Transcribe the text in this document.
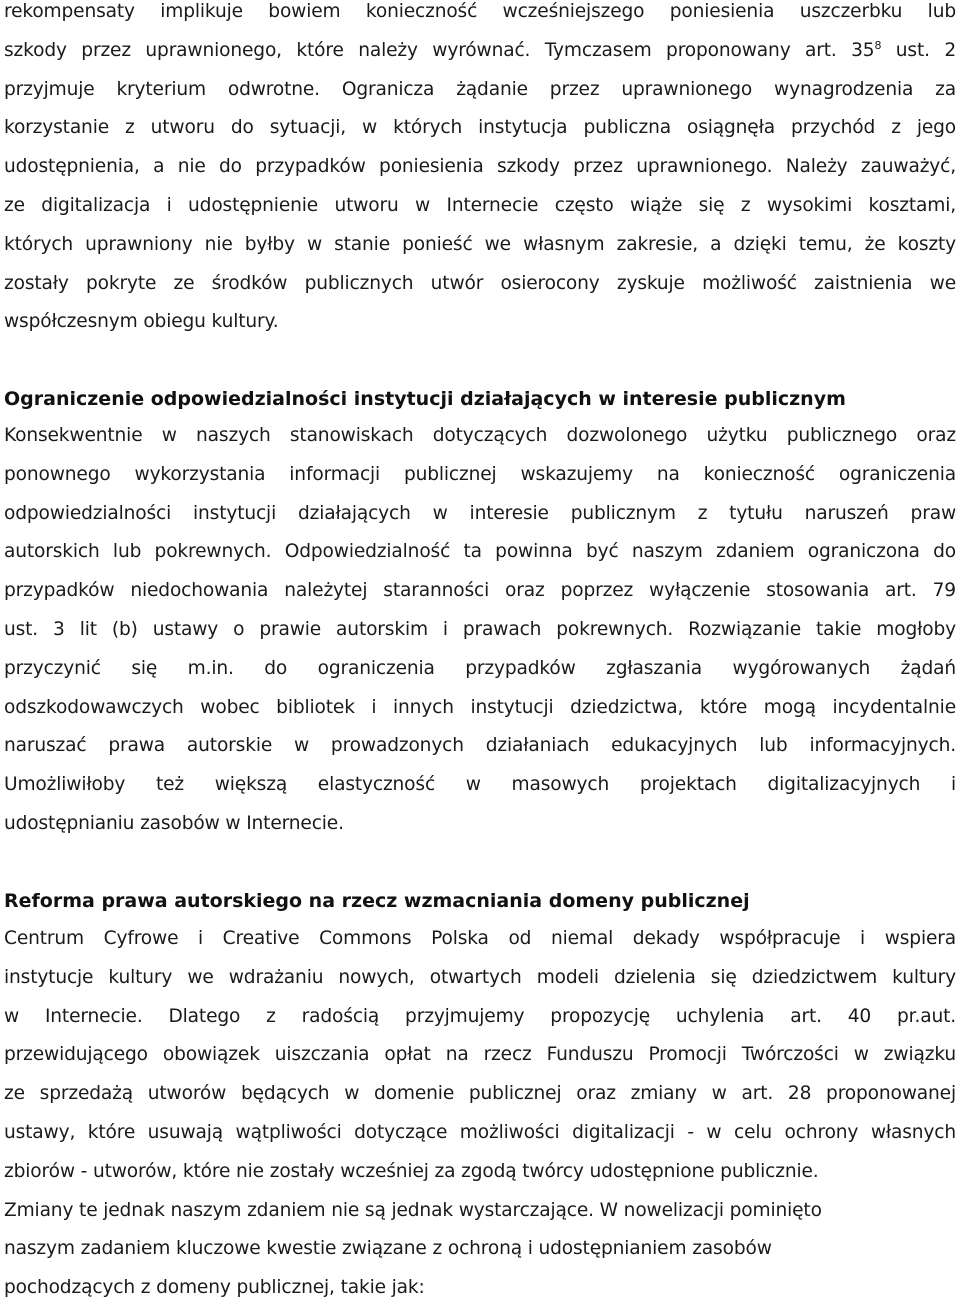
rekompensaty implikuje bowiem konieczność wcześniejszego poniesienia uszczerbku lub
szkody przez uprawnionego, które należy wyrównać. Tymczasem proponowany art. $35^8$ ust. 2
przyjmuje kryterium odwrotne. Ogranicza żądanie przez uprawnionego wynagrodzenia za
korzystanie z utworu do sytuacji, w których instytucja publiczna osiągnęła przychód z jego
udostępnienia, a nie do przypadków poniesienia szkody przez uprawnionego. Należy zauważyć,
ze digitalizacja i udostępnienie utworu w Internecie często wiąże się z wysokimi kosztami,
których uprawniony nie byłby w stanie ponieść we własnym zakresie, a dzięki temu, że koszty
zostały pokryte ze środków publicznych utwór osierocony zyskuje możliwość zaistnienia we
współczesnym obiegu kultury.
Ograniczenie odpowiedzialności instytucji działających w interesie publicznym
Konsekwentnie w naszych stanowiskach dotyczących dozwolonego użytku publicznego oraz
ponownego wykorzystania informacji publicznej wskazujemy na konieczność ograniczenia
odpowiedzialności instytucji działających w interesie publicznym z tytułu naruszeń praw
autorskich lub pokrewnych. Odpowiedzialność ta powinna być naszym zdaniem ograniczona do
przypadków niedochowania należytej staranności oraz poprzez wyłączenie stosowania art. 79
ust. 3 lit (b) ustawy o prawie autorskim i prawach pokrewnych. Rozwiązanie takie mogłoby
przyczynić się m.in. do ograniczenia przypadków zgłaszania wygórowanych żądań
odszkodowawczych wobec bibliotek i innych instytucji dziedzictwa, które mogą incydentalnie
naruszać prawa autorskie w prowadzonych działaniach edukacyjnych lub informacyjnych.
Umożliwiłoby też większą elastyczność w masowych projektach digitalizacyjnych i
udostępnianiu zasobów w Internecie.
Reforma prawa autorskiego na rzecz wzmacniania domeny publicznej
Centrum Cyfrowe i Creative Commons Polska od niemal dekady współpracuje i wspiera
instytucje kultury we wdrażaniu nowych, otwartych modeli dzielenia się dziedzictwem kultury
w Internecie. Dlatego z radością przyjmujemy propozycję uchylenia art. 40 pr.aut.
przewidującego obowiązek uiszczania opłat na rzecz Funduszu Promocji Twórczości w związku
ze sprzedażą utworów będących w domenie publicznej oraz zmiany w art. 28 proponowanej
ustawy, które usuwają wątpliwości dotyczące możliwości digitalizacji - w celu ochrony własnych
zbiorów - utworów, które nie zostały wcześniej za zgodą twórcy udostępnione publicznie.
Zmiany te jednak naszym zdaniem nie są jednak wystarczające. W nowelizacji pominięto
naszym zadaniem kluczowe kwestie związane z ochroną i udostępnianiem zasobów
pochodzących z domeny publicznej, takie jak:
